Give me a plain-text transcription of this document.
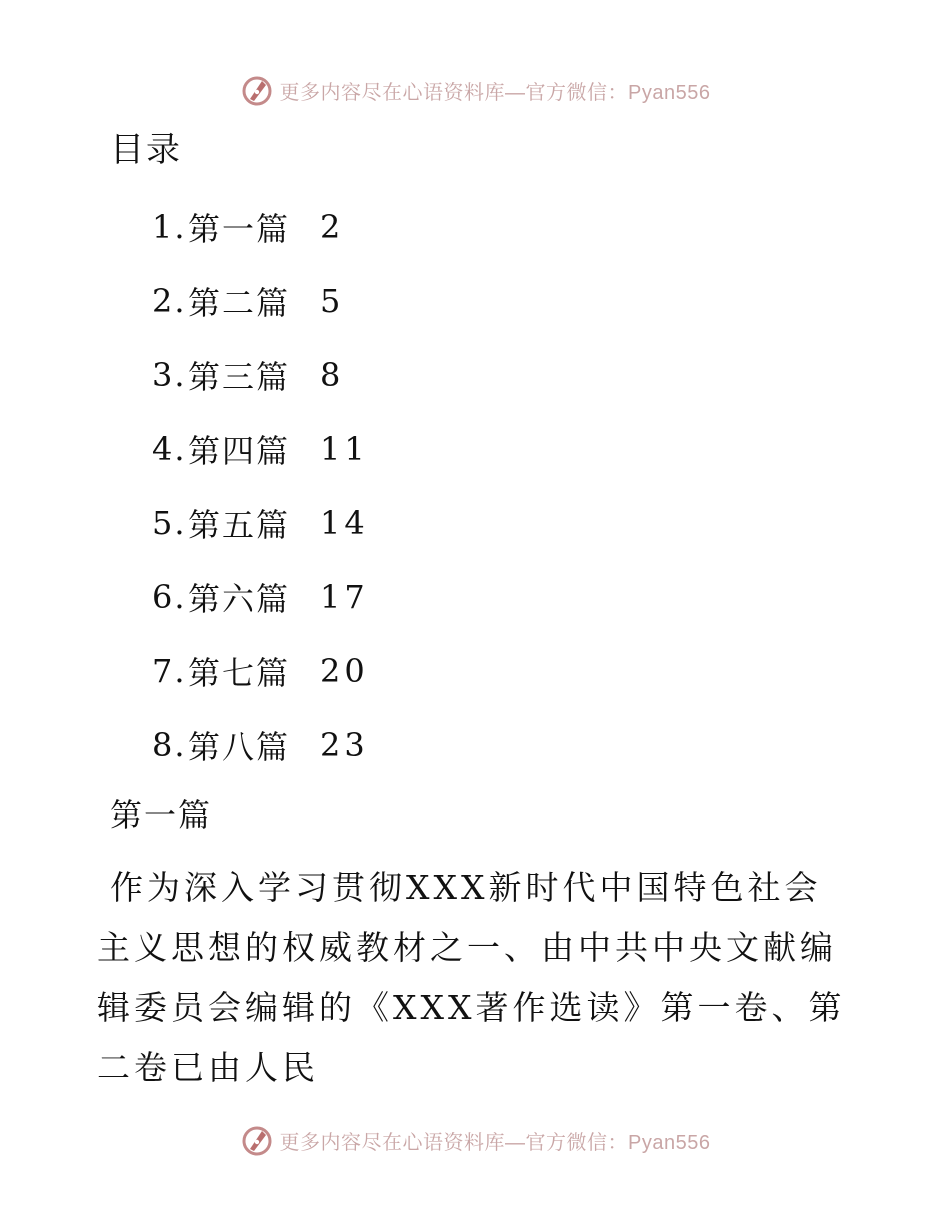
更多内容尽在心语资料库—官方微信：Pyan556
目录
1. 第一篇 2
2. 第二篇 5
3. 第三篇 8
4. 第四篇 11
5. 第五篇 14
6. 第六篇 17
7. 第七篇 20
8. 第八篇 23
第一篇

作为深入学习贯彻XXX新时代中国特色社会主义思想的权威教材之一、由中共中央文献编辑委员会编辑的《XXX著作选读》第一卷、第二卷已由人民

更多内容尽在心语资料库—官方微信：Pyan556
